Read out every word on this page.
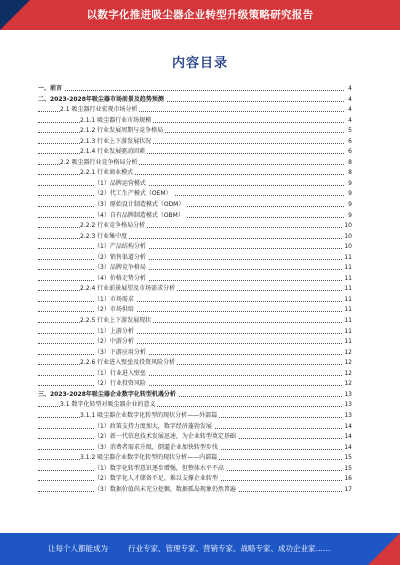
以数字化推进吸尘器企业转型升级策略研究报告
内容目录
一、前言	4
二、2023-2028年吸尘器市场前景及趋势预测	4
2.1 吸尘器行业宏观市场分析	4
2.1.1 吸尘器行业市场规模	4
2.1.2 行业发展周期与竞争格局	5
2.1.3 行业上下游发展状况	6
2.1.4 行业发展驱动因素	6
2.2 吸尘器行业竞争格局分析	8
2.2.1 行业商业模式	8
（1）品牌运营模式	9
（2）代工生产模式（OEM）	9
（3）原始设计制造模式（ODM）	9
（4）自有品牌制造模式（OBM）	9
2.2.2 行业竞争格局分析	10
2.2.3 行业集中度	10
（1）产品结构分析	10
（2）销售渠道分析	11
（3）品牌竞争格局	11
（4）价格走势分析	11
2.2.4 行业前景展望及市场需求分析	11
（1）市场需求	11
（2）市场供给	11
2.2.5 行业上下游发展现状	11
（1）上游分析	11
（2）中游分析	11
（3）下游应用分析	12
2.2.6 行业进入壁垒及投资风险分析	12
（1）行业进入壁垒	12
（2）行业投资风险	12
三、2023-2028年吸尘器企业数字化转型机遇分析	13
3.1 数字化转型对吸尘器企业的意义	13
3.1.1 吸尘器企业数字化转型的现状分析——外部篇	13
（1）政策支持力度加大，数字经济蓬勃发展	14
（2）新一代信息技术发展迅速，为企业转型奠定基础	14
（3）消费者需求升级，倒逼企业加快转型步伐	14
3.1.2 吸尘器企业数字化转型的现状分析——内部篇	15
（1）数字化转型意识逐步增强，但整体水平不高	15
（2）数字化人才储备不足，难以支撑企业转型	16
（3）数据价值尚未充分挖掘，数据孤岛现象仍然普遍	17
让每个人都能成为	行业专家、管理专家、营销专家、战略专家、成功企业家……
